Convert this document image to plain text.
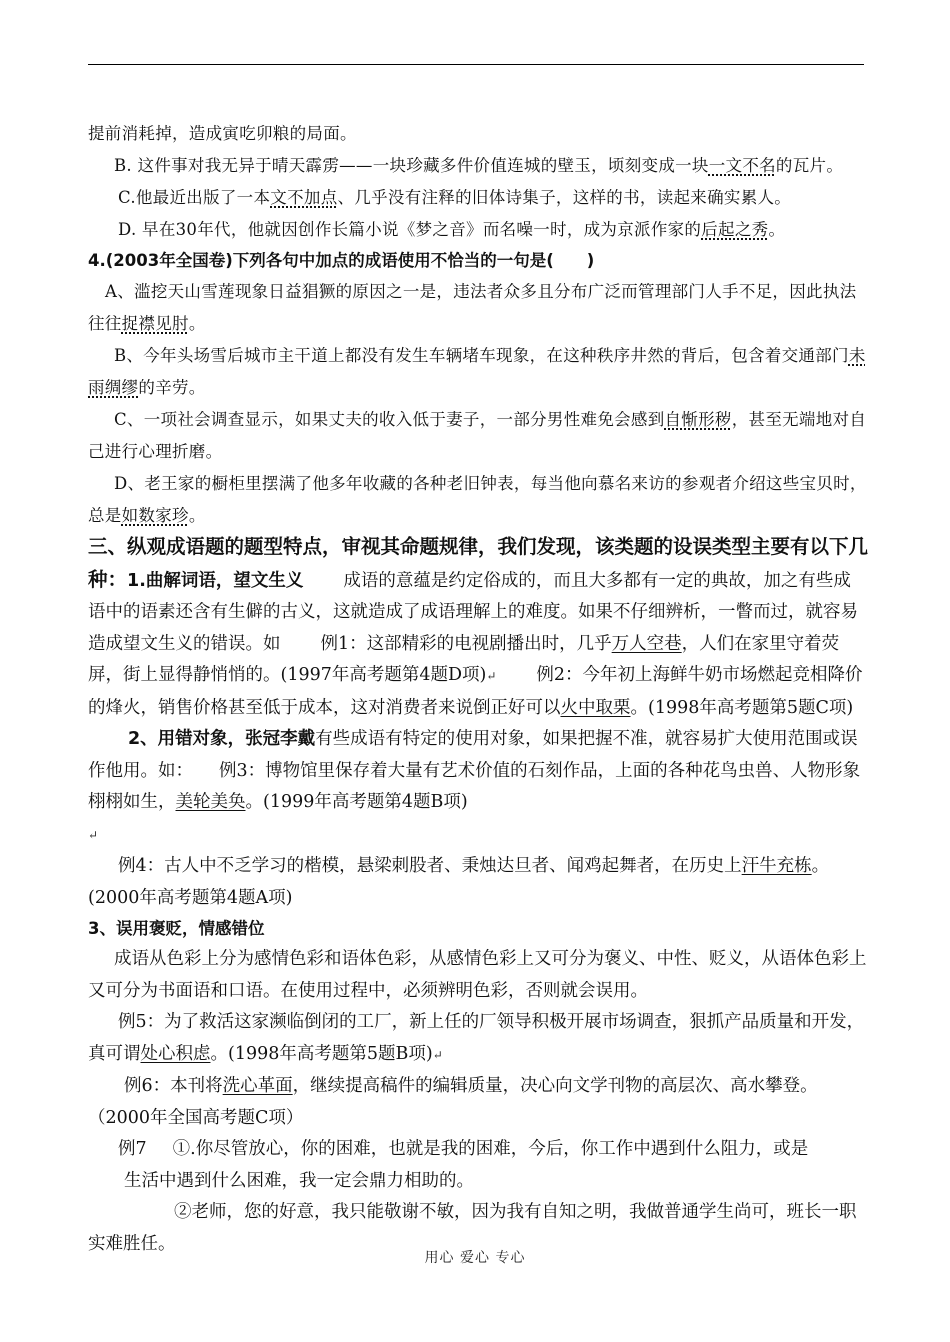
提前消耗掉，造成寅吃卯粮的局面。

B. 这件事对我无异于晴天霹雳——一块珍藏多件价值连城的壁玉，顷刻变成一块一文不名的瓦片。

C.他最近出版了一本文不加点、几乎没有注释的旧体诗集子，这样的书，读起来确实累人。

D. 早在30年代，他就因创作长篇小说《梦之音》而名噪一时，成为京派作家的后起之秀。

4.(2003年全国卷)下列各句中加点的成语使用不恰当的一句是(　　)

A、滥挖天山雪莲现象日益猖獗的原因之一是，违法者众多且分布广泛而管理部门人手不足，因此执法往往捉襟见肘。

B、今年头场雪后城市主干道上都没有发生车辆堵车现象，在这种秩序井然的背后，包含着交通部门未雨绸缪的辛劳。

C、一项社会调查显示，如果丈夫的收入低于妻子，一部分男性难免会感到自惭形秽，甚至无端地对自己进行心理折磨。

D、老王家的橱柜里摆满了他多年收藏的各种老旧钟表，每当他向慕名来访的参观者介绍这些宝贝时，总是如数家珍。

三、纵观成语题的题型特点，审视其命题规律，我们发现，该类题的设误类型主要有以下几种：1.曲解词语，望文生义 成语的意蕴是约定俗成的，而且大多都有一定的典故，加之有些成语中的语素还含有生僻的古义，这就造成了成语理解上的难度。如果不仔细辨析，一瞥而过，就容易造成望文生义的错误。如 例1：这部精彩的电视剧播出时，几乎万人空巷，人们在家里守着荧屏，街上显得静悄悄的。(1997年高考题第4题D项)↵ 例2：今年初上海鲜牛奶市场燃起竞相降价的烽火，销售价格甚至低于成本，这对消费者来说倒正好可以火中取栗。(1998年高考题第5题C项)2、用错对象，张冠李戴有些成语有特定的使用对象，如果把握不准，就容易扩大使用范围或误作他用。如： 例3：博物馆里保存着大量有艺术价值的石刻作品，上面的各种花鸟虫兽、人物形象栩栩如生，美轮美奂。(1999年高考题第4题B项)
↵

例4：古人中不乏学习的楷模，悬梁刺股者、秉烛达旦者、闻鸡起舞者，在历史上汗牛充栋。(2000年高考题第4题A项)

3、误用褒贬，情感错位

成语从色彩上分为感情色彩和语体色彩，从感情色彩上又可分为褒义、中性、贬义，从语体色彩上又可分为书面语和口语。在使用过程中，必须辨明色彩，否则就会误用。

例5：为了救活这家濒临倒闭的工厂，新上任的厂领导积极开展市场调查，狠抓产品质量和开发，真可谓处心积虑。(1998年高考题第5题B项)↵

例6：本刊将洗心革面，继续提高稿件的编辑质量，决心向文学刊物的高层次、高水攀登。（2000年全国高考题C项）

例7 ①.你尽管放心，你的困难，也就是我的困难，今后，你工作中遇到什么阻力，或是

生活中遇到什么困难，我一定会鼎力相助的。

②老师，您的好意，我只能敬谢不敏，因为我有自知之明，我做普通学生尚可，班长一职实难胜任。

用心 爱心 专心
